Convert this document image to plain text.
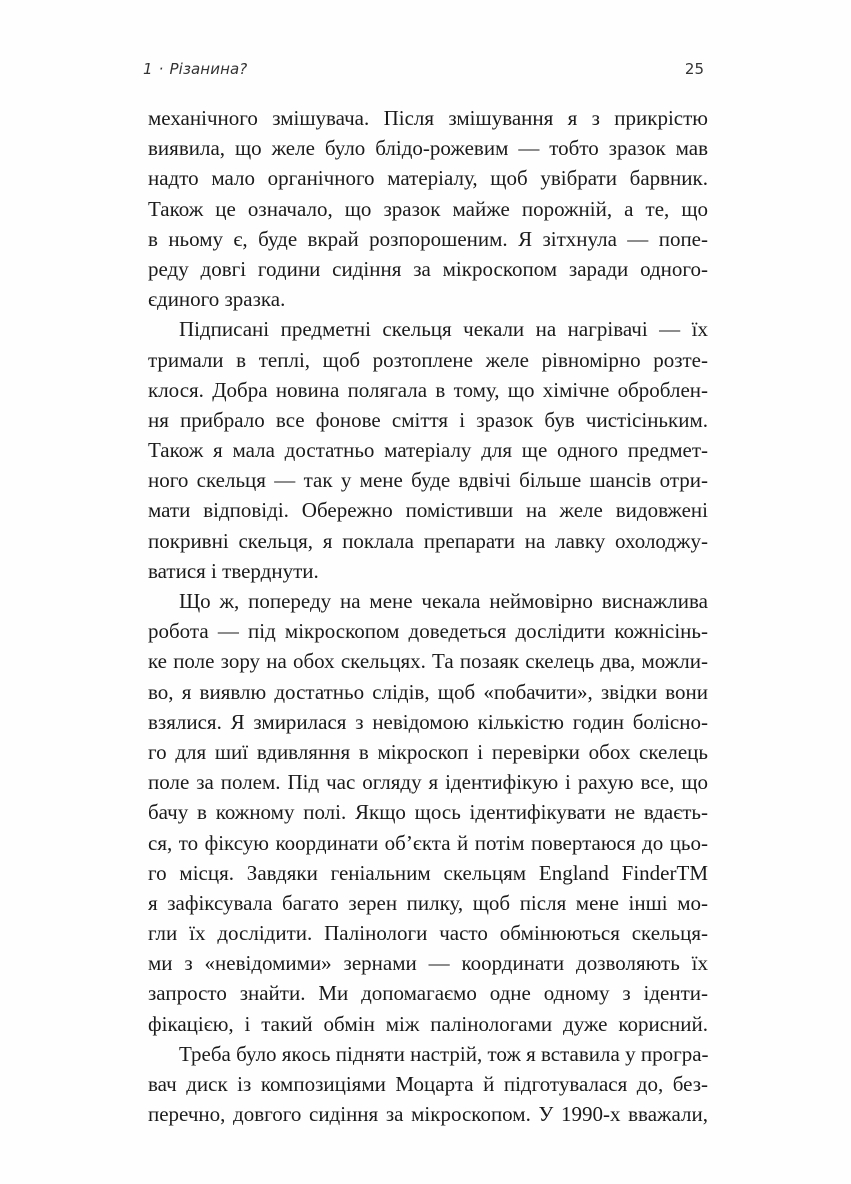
1 · Різанина?	25
механічного змішувача. Після змішування я з прикрістю
виявила, що желе було блідо-рожевим — тобто зразок мав
надто мало органічного матеріалу, щоб увібрати барвник.
Також це означало, що зразок майже порожній, а те, що
в ньому є, буде вкрай розпорошеним. Я зітхнула — попе-
реду довгі години сидіння за мікроскопом заради одного-
єдиного зразка.
Підписані предметні скельця чекали на нагрівачі — їх
тримали в теплі, щоб розтоплене желе рівномірно розте-
клося. Добра новина полягала в тому, що хімічне оброблен-
ня прибрало все фонове сміття і зразок був чистісіньким.
Також я мала достатньо матеріалу для ще одного предмет-
ного скельця — так у мене буде вдвічі більше шансів отри-
мати відповіді. Обережно помістивши на желе видовжені
покривні скельця, я поклала препарати на лавку охолоджу-
ватися і тверднути.
Що ж, попереду на мене чекала неймовірно виснажлива
робота — під мікроскопом доведеться дослідити кожнісінь-
ке поле зору на обох скельцях. Та позаяк скелець два, можли-
во, я виявлю достатньо слідів, щоб «побачити», звідки вони
взялися. Я змирилася з невідомою кількістю годин болісно-
го для шиї вдивляння в мікроскоп і перевірки обох скелець
поле за полем. Під час огляду я ідентифікую і рахую все, що
бачу в кожному полі. Якщо щось ідентифікувати не вдаєть-
ся, то фіксую координати об’єкта й потім повертаюся до цьо-
го місця. Завдяки геніальним скельцям England FinderTM
я зафіксувала багато зерен пилку, щоб після мене інші мо-
гли їх дослідити. Палінологи часто обмінюються скельця-
ми з «невідомими» зернами — координати дозволяють їх
запросто знайти. Ми допомагаємо одне одному з іденти-
фікацією, і такий обмін між палінологами дуже корисний.
Треба було якось підняти настрій, тож я вставила у програ-
вач диск із композиціями Моцарта й підготувалася до, без-
перечно, довгого сидіння за мікроскопом. У 1990-х вважали,
